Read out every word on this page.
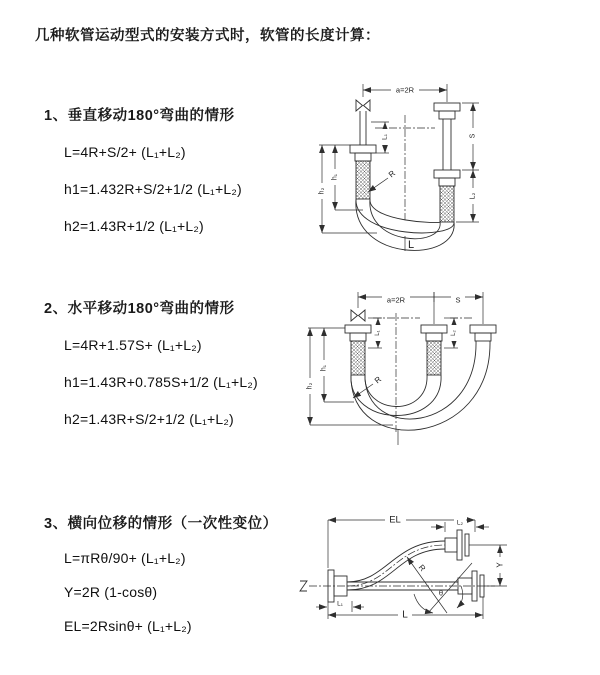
几种软管运动型式的安装方式时，软管的长度计算：
1、垂直移动180°弯曲的情形
L=4R+S/2+ (L₁+L₂)
h1=1.432R+S/2+1/2 (L₁+L₂)
h2=1.43R+1/2 (L₁+L₂)
2、水平移动180°弯曲的情形
L=4R+1.57S+ (L₁+L₂)
h1=1.43R+0.785S+1/2 (L₁+L₂)
h2=1.43R+S/2+1/2 (L₁+L₂)
3、横向位移的情形（一次性变位）
L=πRθ/90+ (L₁+L₂)
Y=2R (1-cosθ)
EL=2Rsinθ+ (L₁+L₂)
a=2R
L₁	S
L₂
h₁
h₂
R
L
a=2R	S
L₁	L₂
h₁
h₂
R
EL	L₂
Y
θ
R
L
L₁
